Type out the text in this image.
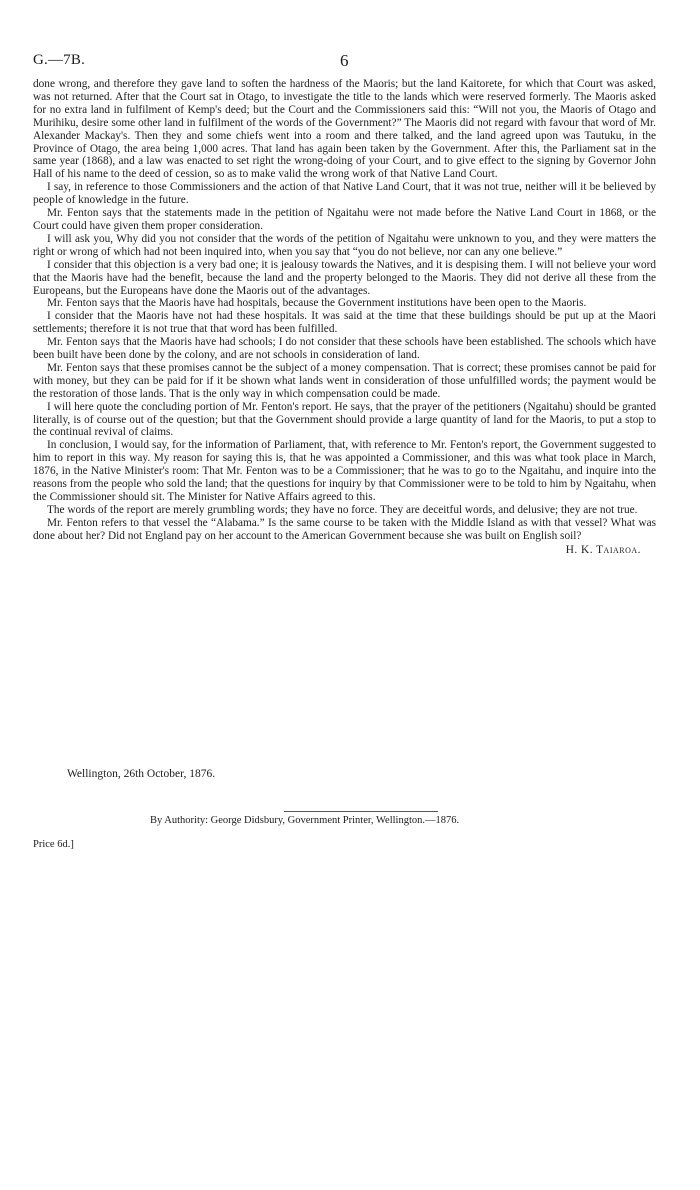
G.—7B.	6

done wrong, and therefore they gave land to soften the hardness of the Maoris; but the land Kaitorete, for which that Court was asked, was not returned. After that the Court sat in Otago, to investigate the title to the lands which were reserved formerly. The Maoris asked for no extra land in fulfilment of Kemp's deed; but the Court and the Commissioners said this: “Will not you, the Maoris of Otago and Murihiku, desire some other land in fulfilment of the words of the Government?” The Maoris did not regard with favour that word of Mr. Alexander Mackay's. Then they and some chiefs went into a room and there talked, and the land agreed upon was Tautuku, in the Province of Otago, the area being 1,000 acres. That land has again been taken by the Government. After this, the Parliament sat in the same year (1868), and a law was enacted to set right the wrong-doing of your Court, and to give effect to the signing by Governor John Hall of his name to the deed of cession, so as to make valid the wrong work of that Native Land Court.

I say, in reference to those Commissioners and the action of that Native Land Court, that it was not true, neither will it be believed by people of knowledge in the future.

Mr. Fenton says that the statements made in the petition of Ngaitahu were not made before the Native Land Court in 1868, or the Court could have given them proper consideration.

I will ask you, Why did you not consider that the words of the petition of Ngaitahu were unknown to you, and they were matters the right or wrong of which had not been inquired into, when you say that “you do not believe, nor can any one believe.”

I consider that this objection is a very bad one; it is jealousy towards the Natives, and it is despising them. I will not believe your word that the Maoris have had the benefit, because the land and the property belonged to the Maoris. They did not derive all these from the Europeans, but the Europeans have done the Maoris out of the advantages.

Mr. Fenton says that the Maoris have had hospitals, because the Government institutions have been open to the Maoris.

I consider that the Maoris have not had these hospitals. It was said at the time that these buildings should be put up at the Maori settlements; therefore it is not true that that word has been fulfilled.

Mr. Fenton says that the Maoris have had schools; I do not consider that these schools have been established. The schools which have been built have been done by the colony, and are not schools in consideration of land.

Mr. Fenton says that these promises cannot be the subject of a money compensation. That is correct; these promises cannot be paid for with money, but they can be paid for if it be shown what lands went in consideration of those unfulfilled words; the payment would be the restoration of those lands. That is the only way in which compensation could be made.

I will here quote the concluding portion of Mr. Fenton's report. He says, that the prayer of the petitioners (Ngaitahu) should be granted literally, is of course out of the question; but that the Government should provide a large quantity of land for the Maoris, to put a stop to the continual revival of claims.

In conclusion, I would say, for the information of Parliament, that, with reference to Mr. Fenton's report, the Government suggested to him to report in this way. My reason for saying this is, that he was appointed a Commissioner, and this was what took place in March, 1876, in the Native Minister's room: That Mr. Fenton was to be a Commissioner; that he was to go to the Ngaitahu, and inquire into the reasons from the people who sold the land; that the questions for inquiry by that Commissioner were to be told to him by Ngaitahu, when the Commissioner should sit. The Minister for Native Affairs agreed to this.

The words of the report are merely grumbling words; they have no force. They are deceitful words, and delusive; they are not true.

Mr. Fenton refers to that vessel the “Alabama.” Is the same course to be taken with the Middle Island as with that vessel? What was done about her? Did not England pay on her account to the American Government because she was built on English soil?

H. K. Taiaroa.
Wellington, 26th October, 1876.
By Authority: George Didsbury, Government Printer, Wellington.—1876.
Price 6d.]
